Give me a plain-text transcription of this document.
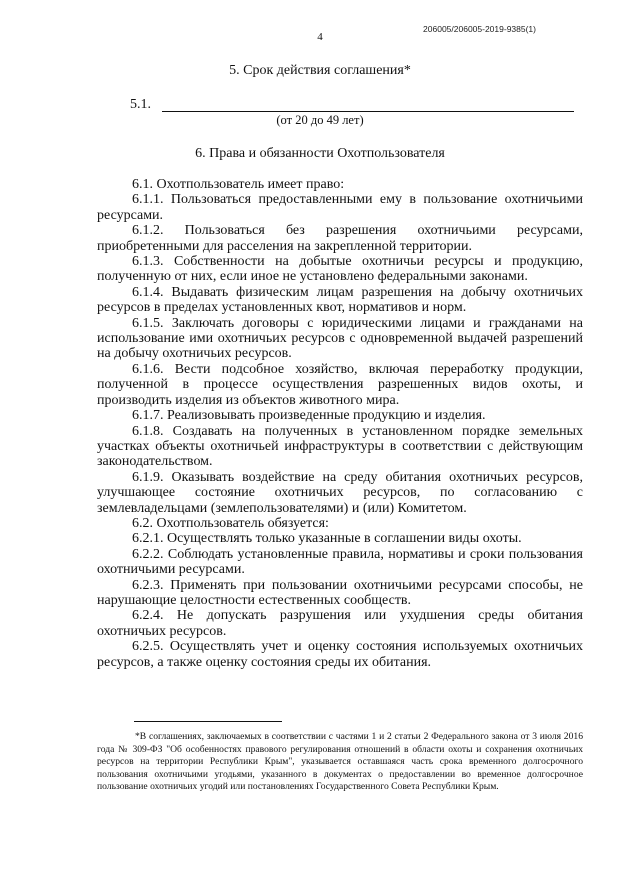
206005/206005-2019-9385(1)
4
5. Срок действия соглашения*
5.1.
(от 20 до 49 лет)
6. Права и обязанности Охотпользователя

6.1. Охотпользователь имеет право:

6.1.1. Пользоваться предоставленными ему в пользование охотничьими ресурсами.

6.1.2. Пользоваться без разрешения охотничьими ресурсами, приобретенными для расселения на закрепленной территории.

6.1.3. Собственности на добытые охотничьи ресурсы и продукцию, полученную от них, если иное не установлено федеральными законами.

6.1.4. Выдавать физическим лицам разрешения на добычу охотничьих ресурсов в пределах установленных квот, нормативов и норм.

6.1.5. Заключать договоры с юридическими лицами и гражданами на использование ими охотничьих ресурсов с одновременной выдачей разрешений на добычу охотничьих ресурсов.

6.1.6. Вести подсобное хозяйство, включая переработку продукции, полученной в процессе осуществления разрешенных видов охоты, и производить изделия из объектов животного мира.

6.1.7. Реализовывать произведенные продукцию и изделия.

6.1.8. Создавать на полученных в установленном порядке земельных участках объекты охотничьей инфраструктуры в соответствии с действующим законодательством.

6.1.9. Оказывать воздействие на среду обитания охотничьих ресурсов, улучшающее состояние охотничьих ресурсов, по согласованию с землевладельцами (землепользователями) и (или) Комитетом.

6.2. Охотпользователь обязуется:

6.2.1. Осуществлять только указанные в соглашении виды охоты.

6.2.2. Соблюдать установленные правила, нормативы и сроки пользования охотничьими ресурсами.

6.2.3. Применять при пользовании охотничьими ресурсами способы, не нарушающие целостности естественных сообществ.

6.2.4. Не допускать разрушения или ухудшения среды обитания охотничьих ресурсов.

6.2.5. Осуществлять учет и оценку состояния используемых охотничьих ресурсов, а также оценку состояния среды их обитания.

*В соглашениях, заключаемых в соответствии с частями 1 и 2 статьи 2 Федерального закона от 3 июля 2016 года № 309-ФЗ "Об особенностях правового регулирования отношений в области охоты и сохранения охотничьих ресурсов на территории Республики Крым", указывается оставшаяся часть срока временного долгосрочного пользования охотничьими угодьями, указанного в документах о предоставлении во временное долгосрочное пользование охотничьих угодий или постановлениях Государственного Совета Республики Крым.
